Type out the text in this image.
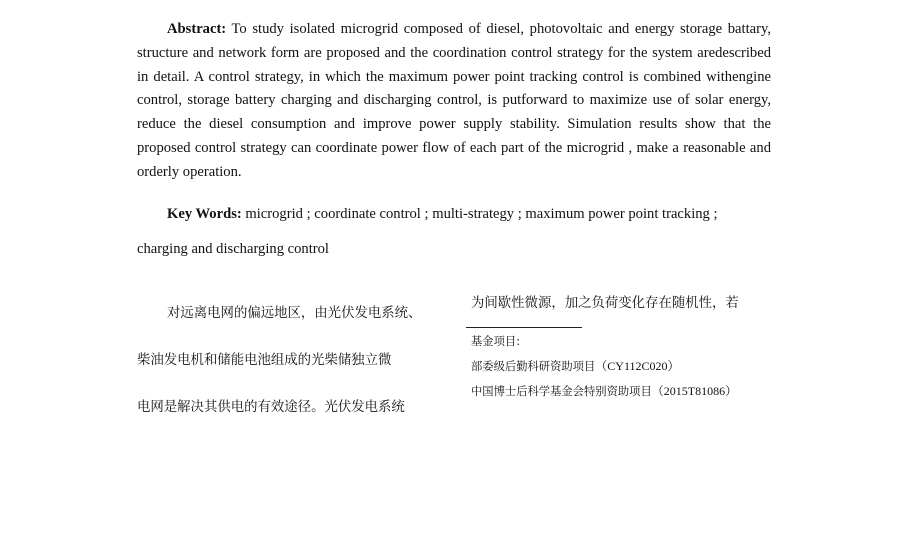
Abstract: To study isolated microgrid composed of diesel, photovoltaic and energy storage battary, structure and network form are proposed and the coordination control strategy for the system aredescribed in detail. A control strategy, in which the maximum power point tracking control is combined withengine control, storage battery charging and discharging control, is putforward to maximize use of solar energy, reduce the diesel consumption and improve power supply stability. Simulation results show that the proposed control strategy can coordinate power flow of each part of the microgrid , make a reasonable and orderly operation.

Key Words: microgrid ; coordinate control ; multi-strategy ; maximum power point tracking ; charging and discharging control

对远离电网的偏远地区，由光伏发电系统、
柴油发电机和储能电池组成的光柴储独立微
电网是解决其供电的有效途径。光伏发电系统
为间歇性微源，加之负荷变化存在随机性，若
基金项目:
部委级后勤科研资助项目（CY112C020）
中国博士后科学基金会特别资助项目（2015T81086）
